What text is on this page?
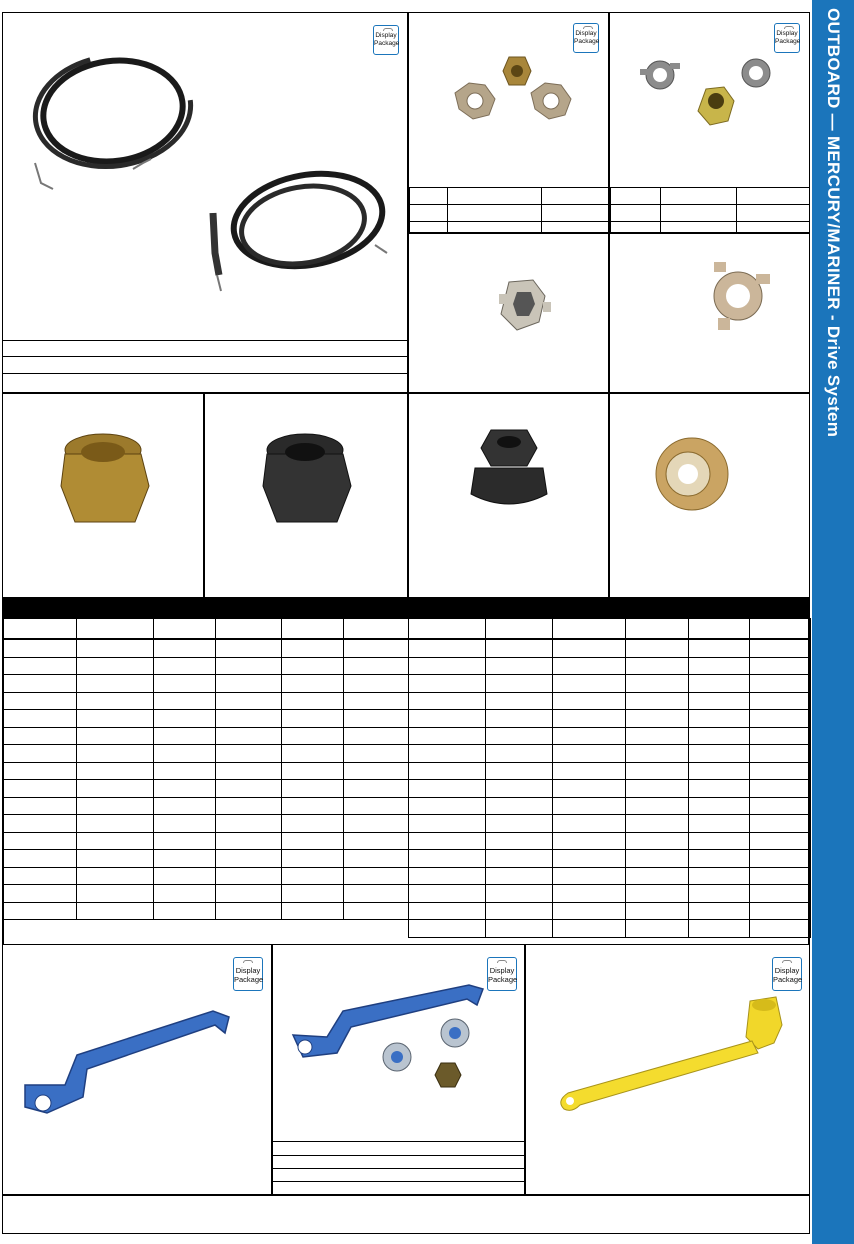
OUTBOARD — MERCURY/MARINER - Drive System
Display
Package
Display
Package

Display
Package

Display
Package
Display
Package
Display
Package
